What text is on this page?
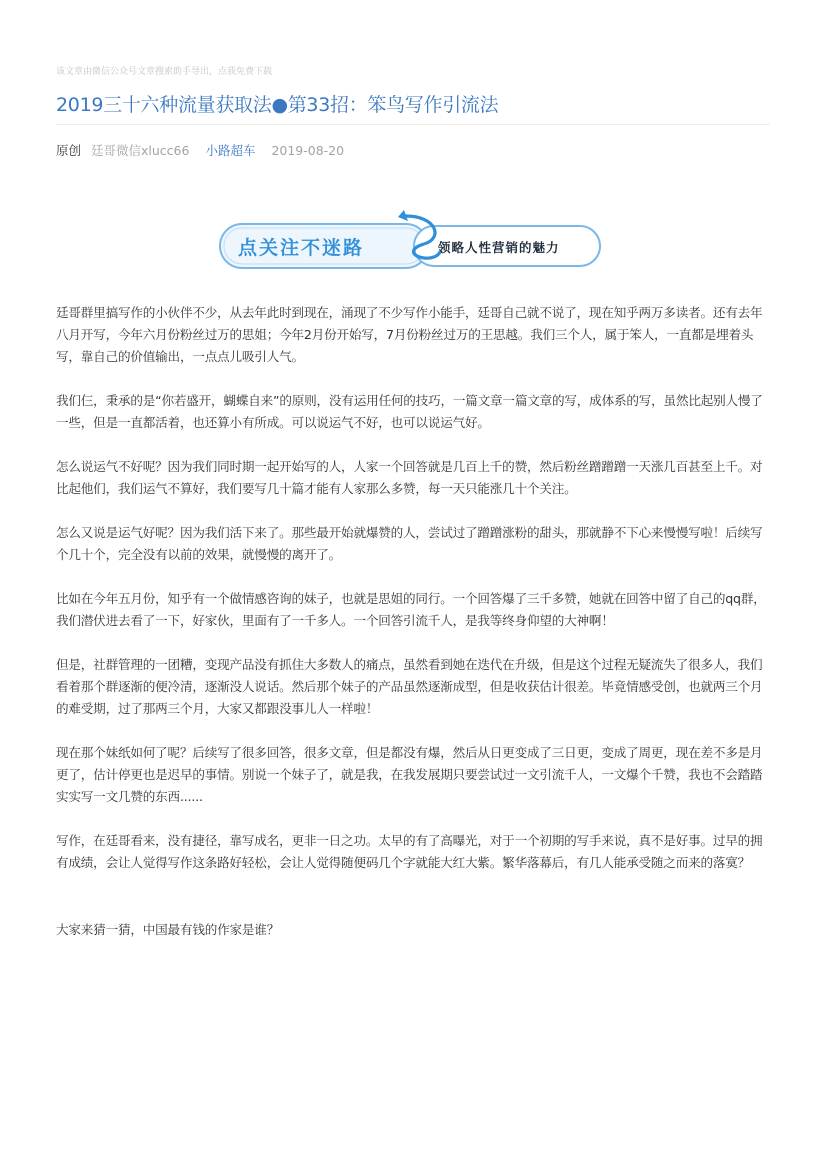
该文章由微信公众号文章搜索助手导出，点我免费下载
2019三十六种流量获取法●第33招：笨鸟写作引流法
原创 廷哥微信xlucc66 小路超车 2019-08-20
点关注不迷路	领略人性营销的魅力

廷哥群里搞写作的小伙伴不少，从去年此时到现在，涌现了不少写作小能手，廷哥自己就不说了，现在知乎两万多读者。还有去年八月开写，今年六月份粉丝过万的思姐；今年2月份开始写，7月份粉丝过万的王思越。我们三个人，属于笨人，一直都是埋着头写，靠自己的价值输出，一点点儿吸引人气。

我们仨，秉承的是“你若盛开，蝴蝶自来”的原则，没有运用任何的技巧，一篇文章一篇文章的写，成体系的写，虽然比起别人慢了一些，但是一直都活着，也还算小有所成。可以说运气不好，也可以说运气好。

怎么说运气不好呢？因为我们同时期一起开始写的人，人家一个回答就是几百上千的赞，然后粉丝蹭蹭蹭一天涨几百甚至上千。对比起他们，我们运气不算好，我们要写几十篇才能有人家那么多赞，每一天只能涨几十个关注。

怎么又说是运气好呢？因为我们活下来了。那些最开始就爆赞的人，尝试过了蹭蹭涨粉的甜头，那就静不下心来慢慢写啦！后续写个几十个，完全没有以前的效果，就慢慢的离开了。

比如在今年五月份，知乎有一个做情感咨询的妹子，也就是思姐的同行。一个回答爆了三千多赞，她就在回答中留了自己的qq群，我们潜伏进去看了一下，好家伙，里面有了一千多人。一个回答引流千人，是我等终身仰望的大神啊！

但是，社群管理的一团糟，变现产品没有抓住大多数人的痛点，虽然看到她在迭代在升级，但是这个过程无疑流失了很多人，我们看着那个群逐渐的便冷清，逐渐没人说话。然后那个妹子的产品虽然逐渐成型，但是收获估计很差。毕竟情感受创，也就两三个月的难受期，过了那两三个月，大家又都跟没事儿人一样啦！

现在那个妹纸如何了呢？后续写了很多回答，很多文章，但是都没有爆，然后从日更变成了三日更，变成了周更，现在差不多是月更了，估计停更也是迟早的事情。别说一个妹子了，就是我，在我发展期只要尝试过一文引流千人，一文爆个千赞，我也不会踏踏实实写一文几赞的东西......

写作，在廷哥看来，没有捷径，靠写成名，更非一日之功。太早的有了高曝光，对于一个初期的写手来说，真不是好事。过早的拥有成绩，会让人觉得写作这条路好轻松，会让人觉得随便码几个字就能大红大紫。繁华落幕后，有几人能承受随之而来的落寞？

大家来猜一猜，中国最有钱的作家是谁？
